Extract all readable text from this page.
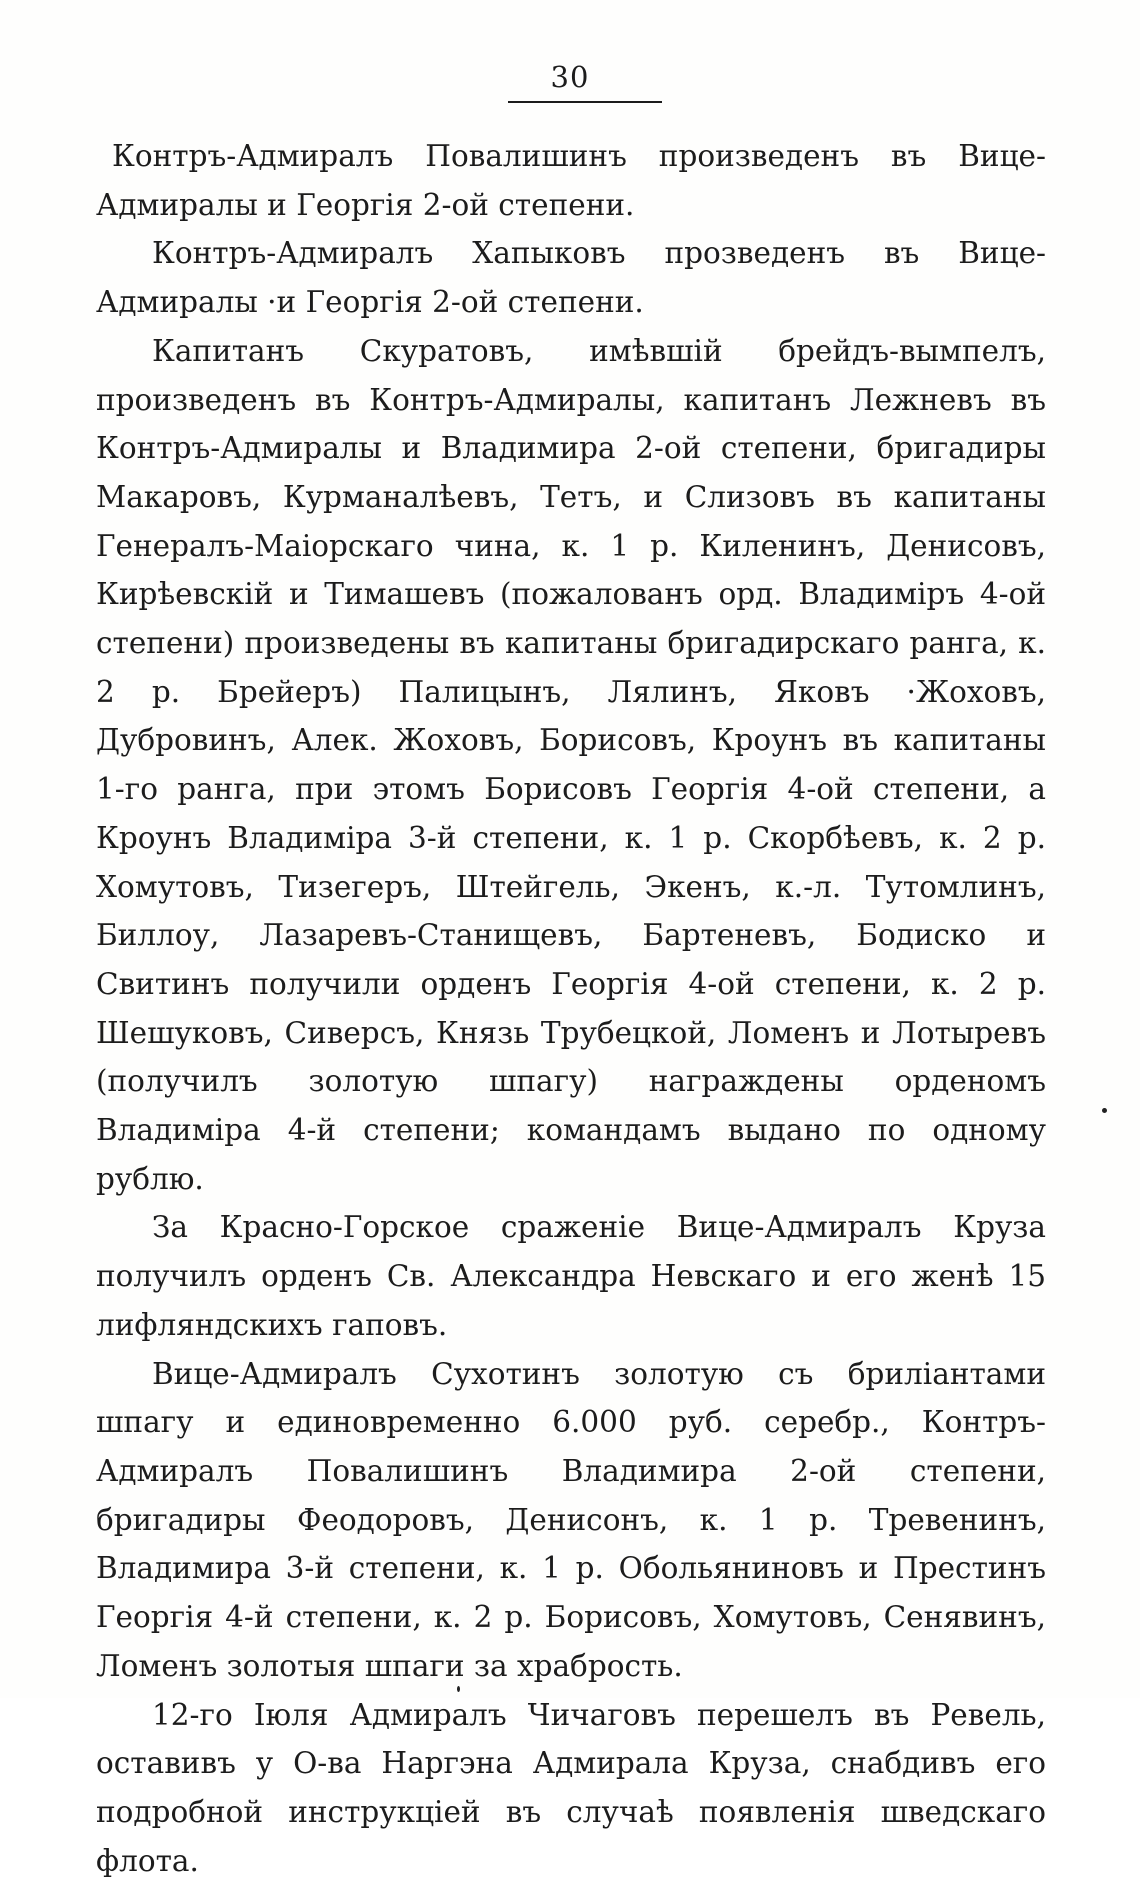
30

Контръ-Адмиралъ Повалишинъ произведенъ въ Вице-Адмиралы и Георгія 2-ой степени.

Контръ-Адмиралъ Хапыковъ прозведенъ въ Вице-Адмиралы ·и Георгія 2-ой степени.

Капитанъ Скуратовъ, имѣвшій брейдъ-вымпелъ, произведенъ въ Контръ-Адмиралы, капитанъ Лежневъ въ Контръ-Адмиралы и Владимира 2-ой степени, бригадиры Макаровъ, Курманалѣевъ, Тетъ, и Слизовъ въ капитаны Генералъ-Маіорскаго чина, к. 1 р. Киленинъ, Денисовъ, Кирѣевскій и Тимашевъ (пожалованъ орд. Владиміръ 4-ой степени) произведены въ капитаны бригадирскаго ранга, к. 2 р. Брейеръ) Палицынъ, Лялинъ, Яковъ ·Жоховъ, Дубровинъ, Алек. Жоховъ, Борисовъ, Кроунъ въ капитаны 1-го ранга, при этомъ Борисовъ Георгія 4-ой степени, а Кроунъ Владиміра 3-й степени, к. 1 р. Скорбѣевъ, к. 2 р. Хомутовъ, Тизегеръ, Штейгель, Экенъ, к.-л. Тутомлинъ, Биллоу, Лазаревъ-Станищевъ, Бартеневъ, Бодиско и Свитинъ получили орденъ Георгія 4-ой степени, к. 2 р. Шешуковъ, Сиверсъ, Князь Трубецкой, Ломенъ и Лотыревъ (получилъ золотую шпагу) награждены орденомъ Владиміра 4-й степени; командамъ выдано по одному рублю.

За Красно-Горское сраженіе Вице-Адмиралъ Круза получилъ орденъ Св. Александра Невскаго и его женѣ 15 лифляндскихъ гаповъ.

Вице-Адмиралъ Сухотинъ золотую съ бриліантами шпагу и единовременно 6.000 руб. серебр., Контръ-Адмиралъ Повалишинъ Владимира 2-ой степени, бригадиры Феодоровъ, Денисонъ, к. 1 р. Тревенинъ, Владимира 3-й степени, к. 1 р. Обольяниновъ и Престинъ Георгія 4-й степени, к. 2 р. Борисовъ, Хомутовъ, Сенявинъ, Ломенъ золотыя шпаги за храбрость.

12-го Іюля Адмиралъ Чичаговъ перешелъ въ Ревель, оставивъ у О-ва Наргэна Адмирала Круза, снабдивъ его подробной инструкціей въ случаѣ появленія шведскаго флота.
